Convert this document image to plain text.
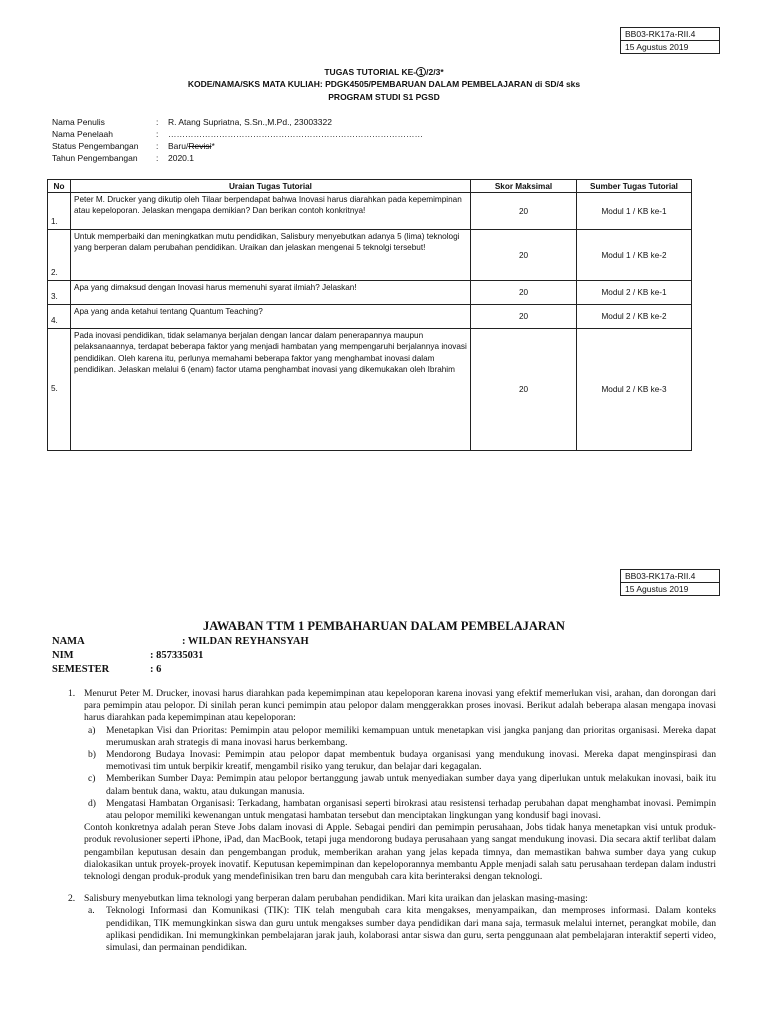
BB03-RK17a-RII.4
15 Agustus 2019
TUGAS TUTORIAL KE- 1 /2/3*
KODE/NAMA/SKS MATA KULIAH: PDGK4505/PEMBARUAN DALAM PEMBELAJARAN di SD/4 sks
PROGRAM STUDI S1 PGSD
Nama Penulis	: R. Atang Supriatna, S.Sn.,M.Pd., 23003322
Nama Penelaah	: ………………………………………………………………………………
Status Pengembangan : Baru/Revisi*
Tahun Pengembangan : 2020.1
No	Uraian Tugas Tutorial	Skor Maksimal	Sumber Tugas Tutorial
1.	Peter M. Drucker yang dikutip oleh Tilaar berpendapat bahwa Inovasi harus diarahkan pada kepemimpinan atau kepeloporan. Jelaskan mengapa demikian? Dan berikan contoh konkritnya!	20	Modul 1 / KB ke-1
2.	Untuk memperbaiki dan meningkatkan mutu pendidikan, Salisbury menyebutkan adanya 5 (lima) teknologi yang berperan dalam perubahan pendidikan. Uraikan dan jelaskan mengenai 5 teknolgi tersebut!	20	Modul 1 / KB ke-2
3.	Apa yang dimaksud dengan Inovasi harus memenuhi syarat ilmiah? Jelaskan!	20	Modul 2 / KB ke-1
4.	Apa yang anda ketahui tentang Quantum Teaching?	20	Modul 2 / KB ke-2
5.	Pada inovasi pendidikan, tidak selamanya berjalan dengan lancar dalam penerapannya maupun pelaksanaannya, terdapat beberapa faktor yang menjadi hambatan yang mempengaruhi berjalannya inovasi pendidikan. Oleh karena itu, perlunya memahami beberapa faktor yang menghambat inovasi dalam pendidikan. Jelaskan melalui 6 (enam) factor utama penghambat inovasi yang dikemukakan oleh Ibrahim	20	Modul 2 / KB ke-3
BB03-RK17a-RII.4
15 Agustus 2019
JAWABAN TTM 1 PEMBAHARUAN DALAM PEMBELAJARAN
NAMA	: WILDAN REYHANSYAH
NIM	: 857335031
SEMESTER	: 6
1. Menurut Peter M. Drucker, inovasi harus diarahkan pada kepemimpinan atau kepeloporan karena inovasi yang efektif memerlukan visi, arahan, dan dorongan dari para pemimpin atau pelopor. Di sinilah peran kunci pemimpin atau pelopor dalam menggerakkan proses inovasi. Berikut adalah beberapa alasan mengapa inovasi harus diarahkan pada kepemimpinan atau kepeloporan:
a) Menetapkan Visi dan Prioritas: Pemimpin atau pelopor memiliki kemampuan untuk menetapkan visi jangka panjang dan prioritas organisasi. Mereka dapat merumuskan arah strategis di mana inovasi harus berkembang.
b) Mendorong Budaya Inovasi: Pemimpin atau pelopor dapat membentuk budaya organisasi yang mendukung inovasi. Mereka dapat menginspirasi dan memotivasi tim untuk berpikir kreatif, mengambil risiko yang terukur, dan belajar dari kegagalan.
c) Memberikan Sumber Daya: Pemimpin atau pelopor bertanggung jawab untuk menyediakan sumber daya yang diperlukan untuk melakukan inovasi, baik itu dalam bentuk dana, waktu, atau dukungan manusia.
d) Mengatasi Hambatan Organisasi: Terkadang, hambatan organisasi seperti birokrasi atau resistensi terhadap perubahan dapat menghambat inovasi. Pemimpin atau pelopor memiliki kewenangan untuk mengatasi hambatan tersebut dan menciptakan lingkungan yang kondusif bagi inovasi.
Contoh konkretnya adalah peran Steve Jobs dalam inovasi di Apple. Sebagai pendiri dan pemimpin perusahaan, Jobs tidak hanya menetapkan visi untuk produk-produk revolusioner seperti iPhone, iPad, dan MacBook, tetapi juga mendorong budaya perusahaan yang sangat mendukung inovasi. Dia secara aktif terlibat dalam pengambilan keputusan desain dan pengembangan produk, memberikan arahan yang jelas kepada timnya, dan memastikan bahwa sumber daya yang cukup dialokasikan untuk proyek-proyek inovatif. Keputusan kepemimpinan dan kepeloporannya membantu Apple menjadi salah satu perusahaan terdepan dalam industri teknologi dengan produk-produk yang mendefinisikan tren baru dan mengubah cara kita berinteraksi dengan teknologi.
2. Salisbury menyebutkan lima teknologi yang berperan dalam perubahan pendidikan. Mari kita uraikan dan jelaskan masing-masing:
a. Teknologi Informasi dan Komunikasi (TIK): TIK telah mengubah cara kita mengakses, menyampaikan, dan memproses informasi. Dalam konteks pendidikan, TIK memungkinkan siswa dan guru untuk mengakses sumber daya pendidikan dari mana saja, termasuk melalui internet, perangkat mobile, dan aplikasi pendidikan. Ini memungkinkan pembelajaran jarak jauh, kolaborasi antar siswa dan guru, serta penggunaan alat pembelajaran interaktif seperti video, simulasi, dan permainan pendidikan.
